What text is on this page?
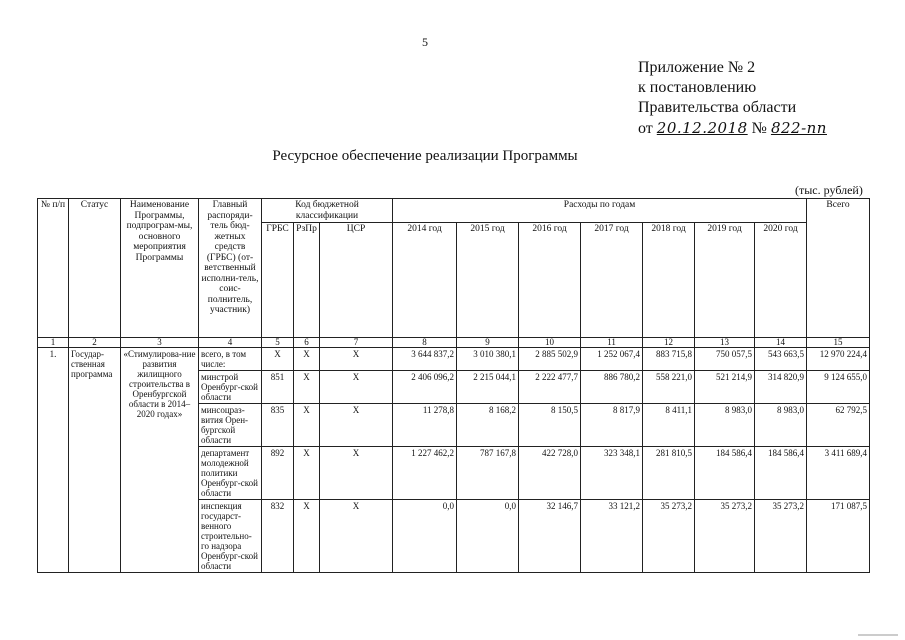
5
Приложение № 2
к постановлению
Правительства области
от 20.12.2018 № 822-пп
Ресурсное обеспечение реализации Программы
(тыс. рублей)
№ п/п	Статус	Наименование Программы, подпрограм-мы, основного мероприятия Программы	Главный распоряди-тель бюд-жетных средств (ГРБС) (от-ветственный исполни-тель, соис-полнитель, участник)	Код бюджетной классификации			Расходы по годам							Всего
				ГРБС	РзПр	ЦСР	2014 год	2015 год	2016 год	2017 год	2018 год	2019 год	2020 год	
1	2	3	4	5	6	7	8	9	10	11	12	13	14	15
1.	Государ-ственная программа	«Стимулирова-ние развития жилищного строительства в Оренбургской области в 2014–2020 годах»	всего, в том числе:	X	X	X	3 644 837,2	3 010 380,1	2 885 502,9	1 252 067,4	883 715,8	750 057,5	543 663,5	12 970 224,4
			минстрой Оренбург-ской области	851	X	X	2 406 096,2	2 215 044,1	2 222 477,7	886 780,2	558 221,0	521 214,9	314 820,9	9 124 655,0
			минсоцраз-вития Орен-бургской области	835	X	X	11 278,8	8 168,2	8 150,5	8 817,9	8 411,1	8 983,0	8 983,0	62 792,5
			департамент молодежной политики Оренбург-ской области	892	X	X	1 227 462,2	787 167,8	422 728,0	323 348,1	281 810,5	184 586,4	184 586,4	3 411 689,4
			инспекция государст-венного строительно-го надзора Оренбург-ской области	832	X	X	0,0	0,0	32 146,7	33 121,2	35 273,2	35 273,2	35 273,2	171 087,5
